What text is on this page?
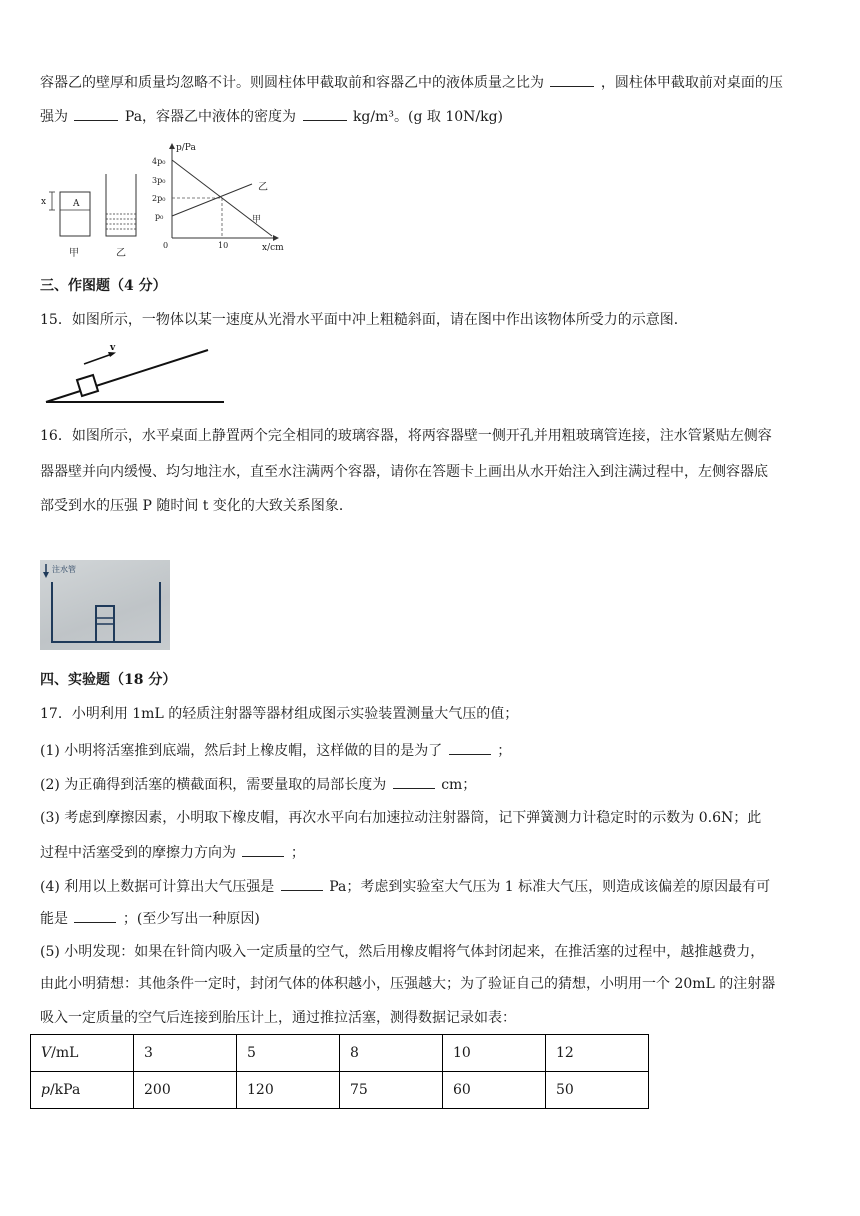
容器乙的壁厚和质量均忽略不计。则圆柱体甲截取前和容器乙中的液体质量之比为	，圆柱体甲截取前对桌面的压
强为	Pa，容器乙中液体的密度为	kg/m³。(g 取 10N/kg)
A
x
甲	乙
p/Pa
x/cm
4p₀
3p₀
2p₀
p₀
0	10
乙
甲
三、作图题（4 分）
15．如图所示，一物体以某一速度从光滑水平面中冲上粗糙斜面，请在图中作出该物体所受力的示意图．
v
16．如图所示，水平桌面上静置两个完全相同的玻璃容器，将两容器壁一侧开孔并用粗玻璃管连接，注水管紧贴左侧容
器器壁并向内缓慢、均匀地注水，直至水注满两个容器，请你在答题卡上画出从水开始注入到注满过程中，左侧容器底
部受到水的压强 P 随时间 t 变化的大致关系图象．
注水管
四、实验题（18 分）
17．小明利用 1mL 的轻质注射器等器材组成图示实验装置测量大气压的值；
(1) 小明将活塞推到底端，然后封上橡皮帽，这样做的目的是为了	；
(2) 为正确得到活塞的横截面积，需要量取的局部长度为	cm；
(3) 考虑到摩擦因素，小明取下橡皮帽，再次水平向右加速拉动注射器筒，记下弹簧测力计稳定时的示数为 0.6N；此
过程中活塞受到的摩擦力方向为	；
(4) 利用以上数据可计算出大气压强是	Pa；考虑到实验室大气压为 1 标准大气压，则造成该偏差的原因最有可
能是	；(至少写出一种原因)
(5) 小明发现：如果在针筒内吸入一定质量的空气，然后用橡皮帽将气体封闭起来，在推活塞的过程中，越推越费力，
由此小明猜想：其他条件一定时，封闭气体的体积越小，压强越大；为了验证自己的猜想，小明用一个 20mL 的注射器
吸入一定质量的空气后连接到胎压计上，通过推拉活塞，测得数据记录如表：
V/mL	3	5	8	10	12
p/kPa	200	120	75	60	50
